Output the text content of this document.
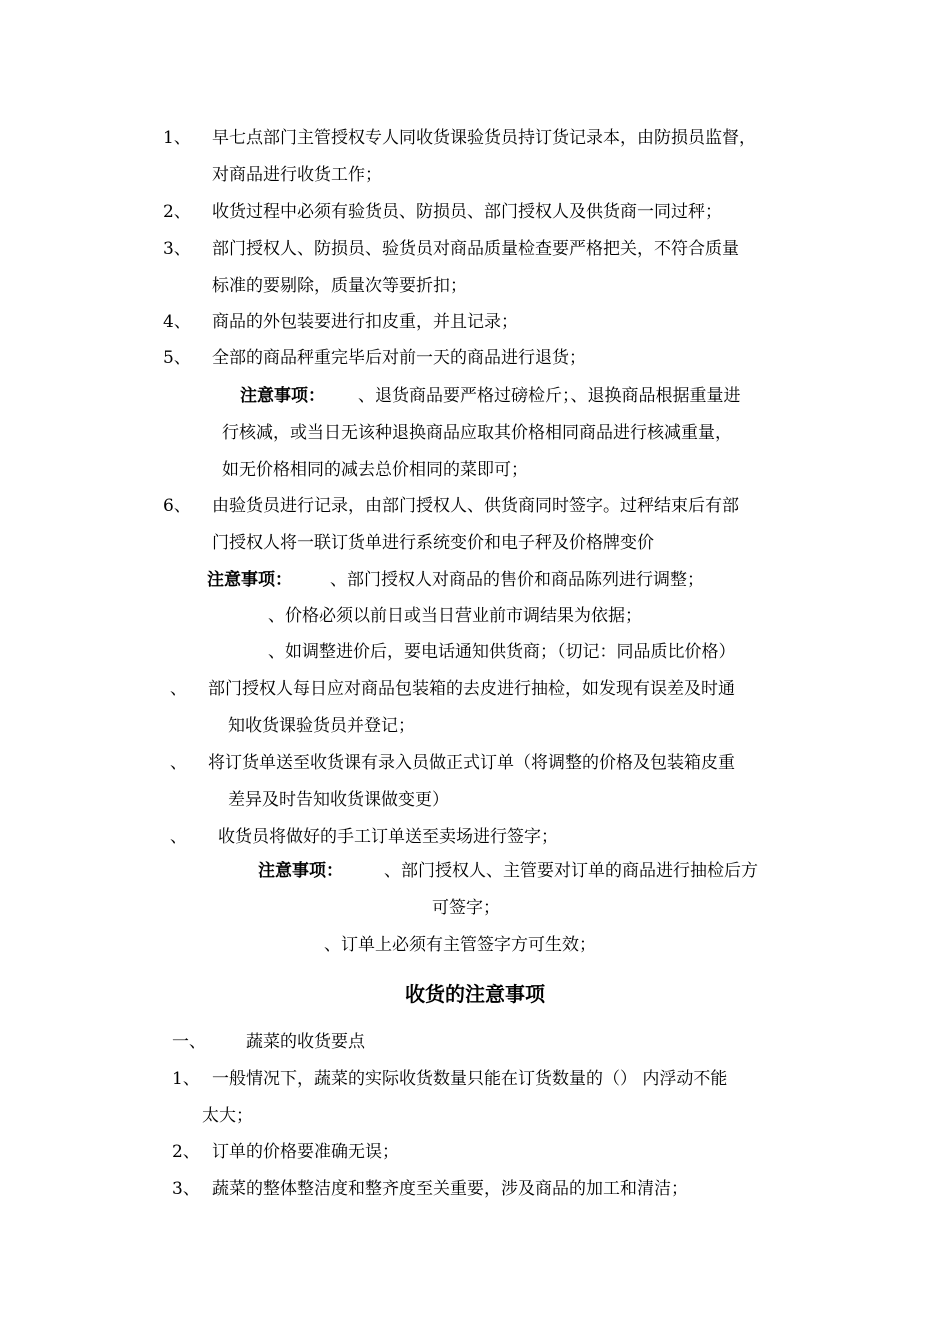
1、 早七点部门主管授权专人同收货课验货员持订货记录本，由防损员监督，
对商品进行收货工作；
2、 收货过程中必须有验货员、防损员、部门授权人及供货商一同过秤；
3、 部门授权人、防损员、验货员对商品质量检查要严格把关，不符合质量
标准的要剔除，质量次等要折扣；
4、 商品的外包装要进行扣皮重，并且记录；
5、 全部的商品秤重完毕后对前一天的商品进行退货；
注意事项： 、退货商品要严格过磅检斤；、退换商品根据重量进
行核减，或当日无该种退换商品应取其价格相同商品进行核减重量，
如无价格相同的减去总价相同的菜即可；
6、 由验货员进行记录，由部门授权人、供货商同时签字。过秤结束后有部
门授权人将一联订货单进行系统变价和电子秤及价格牌变价
注意事项： 、部门授权人对商品的售价和商品陈列进行调整；
、价格必须以前日或当日营业前市调结果为依据；
、如调整进价后，要电话通知供货商；（切记：同品质比价格）
、 部门授权人每日应对商品包装箱的去皮进行抽检，如发现有误差及时通
知收货课验货员并登记；
、 将订货单送至收货课有录入员做正式订单（将调整的价格及包装箱皮重
差异及时告知收货课做变更）
、 收货员将做好的手工订单送至卖场进行签字；
注意事项： 、部门授权人、主管要对订单的商品进行抽检后方
可签字；
、订单上必须有主管签字方可生效；
收货的注意事项
一、 蔬菜的收货要点
1、 一般情况下，蔬菜的实际收货数量只能在订货数量的（） 内浮动不能
太大；
2、 订单的价格要准确无误；
3、 蔬菜的整体整洁度和整齐度至关重要，涉及商品的加工和清洁；
